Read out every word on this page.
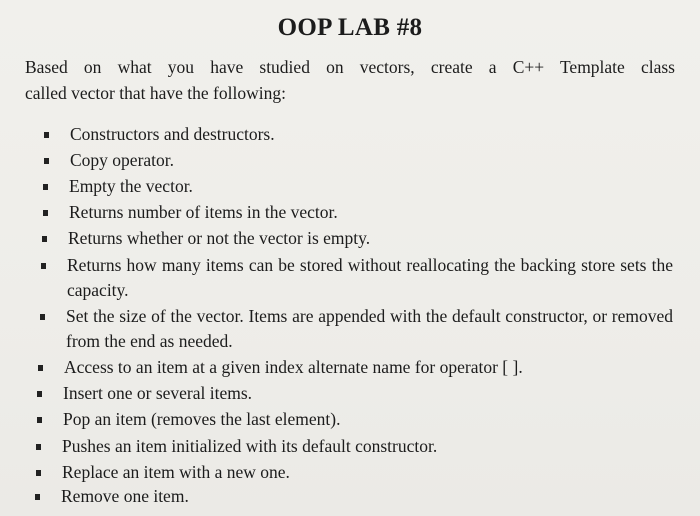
OOP LAB #8
Based on what you have studied on vectors, create a C++ Template class
called vector that have the following:
Constructors and destructors.
Copy operator.
Empty the vector.
Returns number of items in the vector.
Returns whether or not the vector is empty.
Returns how many items can be stored without reallocating the backing store sets the capacity.
Set the size of the vector. Items are appended with the default constructor, or removed from the end as needed.
Access to an item at a given index alternate name for operator [ ].
Insert one or several items.
Pop an item (removes the last element).
Pushes an item initialized with its default constructor.
Replace an item with a new one.
Remove one item.
